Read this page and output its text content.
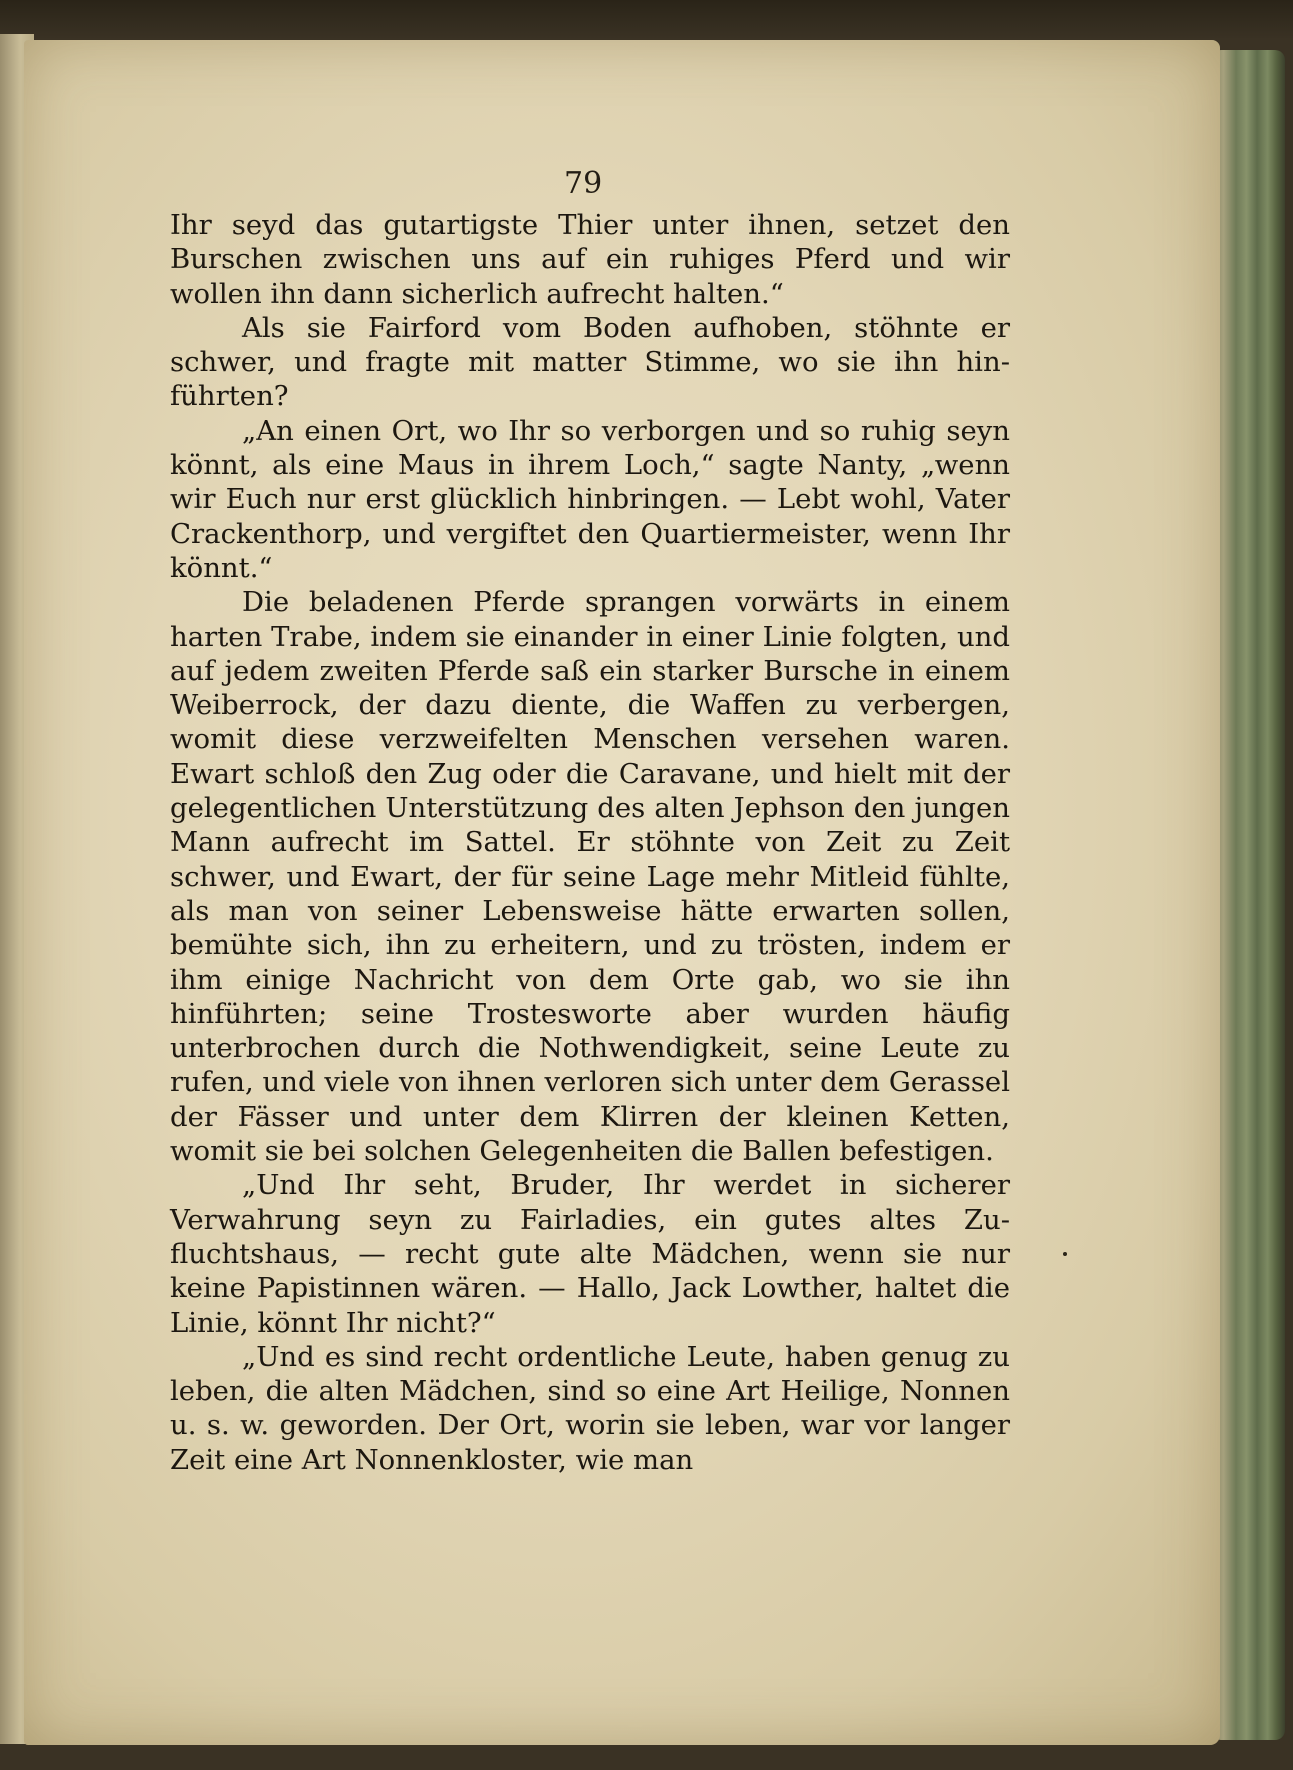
79

Ihr seyd das gutartigste Thier unter ihnen, setzet den Burschen zwischen uns auf ein ruhiges Pferd und wir wollen ihn dann sicherlich aufrecht halten.“

Als sie Fairford vom Boden aufhoben, stöhnte er schwer, und fragte mit matter Stimme, wo sie ihn hinführten?

„An einen Ort, wo Ihr so verborgen und so ruhig seyn könnt, als eine Maus in ihrem Loch,“ sagte Nanty, „wenn wir Euch nur erst glücklich hinbringen. — Lebt wohl, Vater Crackenthorp, und vergiftet den Quartiermeister, wenn Ihr könnt.“

Die beladenen Pferde sprangen vorwärts in einem harten Trabe, indem sie einander in einer Linie folgten, und auf jedem zweiten Pferde saß ein starker Bursche in einem Weiberrock, der dazu diente, die Waffen zu verbergen, womit diese verzweifelten Menschen versehen waren. Ewart schloß den Zug oder die Caravane, und hielt mit der gelegentlichen Unterstützung des alten Jephson den jungen Mann aufrecht im Sattel. Er stöhnte von Zeit zu Zeit schwer, und Ewart, der für seine Lage mehr Mitleid fühlte, als man von seiner Lebensweise hätte erwarten sollen, bemühte sich, ihn zu erheitern, und zu trösten, indem er ihm einige Nachricht von dem Orte gab, wo sie ihn hinführten; seine Trostesworte aber wurden häufig unterbrochen durch die Nothwendigkeit, seine Leute zu rufen, und viele von ihnen verloren sich unter dem Gerassel der Fässer und unter dem Klirren der kleinen Ketten, womit sie bei solchen Gelegenheiten die Ballen befestigen.

„Und Ihr seht, Bruder, Ihr werdet in sicherer Verwahrung seyn zu Fairladies, ein gutes altes Zufluchtshaus, — recht gute alte Mädchen, wenn sie nur keine Papistinnen wären. — Hallo, Jack Lowther, haltet die Linie, könnt Ihr nicht?“

„Und es sind recht ordentliche Leute, haben genug zu leben, die alten Mädchen, sind so eine Art Heilige, Nonnen u. s. w. geworden. Der Ort, worin sie leben, war vor langer Zeit eine Art Nonnenkloster, wie man
